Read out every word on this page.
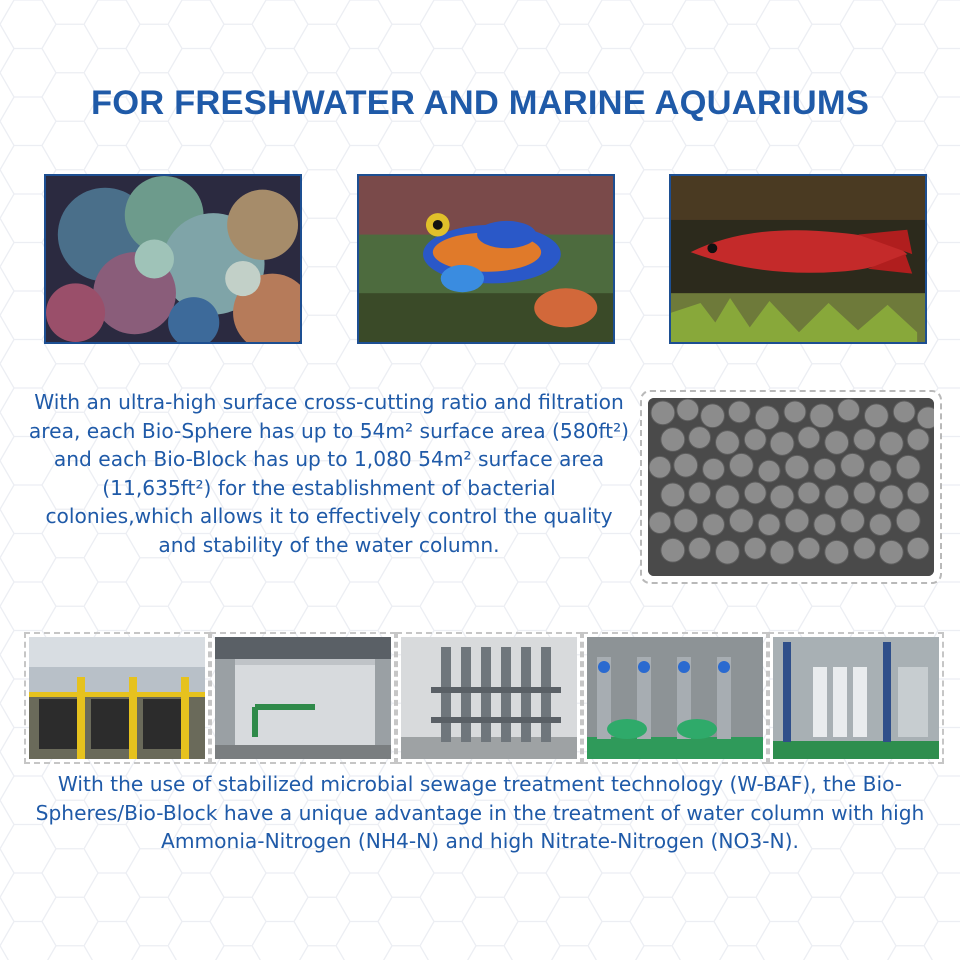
FOR FRESHWATER AND MARINE AQUARIUMS

With an ultra-high surface cross-cutting ratio and filtration area, each Bio-Sphere has up to 54m² surface area (580ft²) and each Bio-Block has up to 1,080 54m² surface area (11,635ft²) for the establishment of bacterial colonies,which allows it to effectively control the quality and stability of the water column.

With the use of stabilized microbial sewage treatment technology (W-BAF), the Bio-Spheres/Bio-Block have a unique advantage in the treatment of water column with high Ammonia-Nitrogen (NH4-N) and high Nitrate-Nitrogen (NO3-N).
